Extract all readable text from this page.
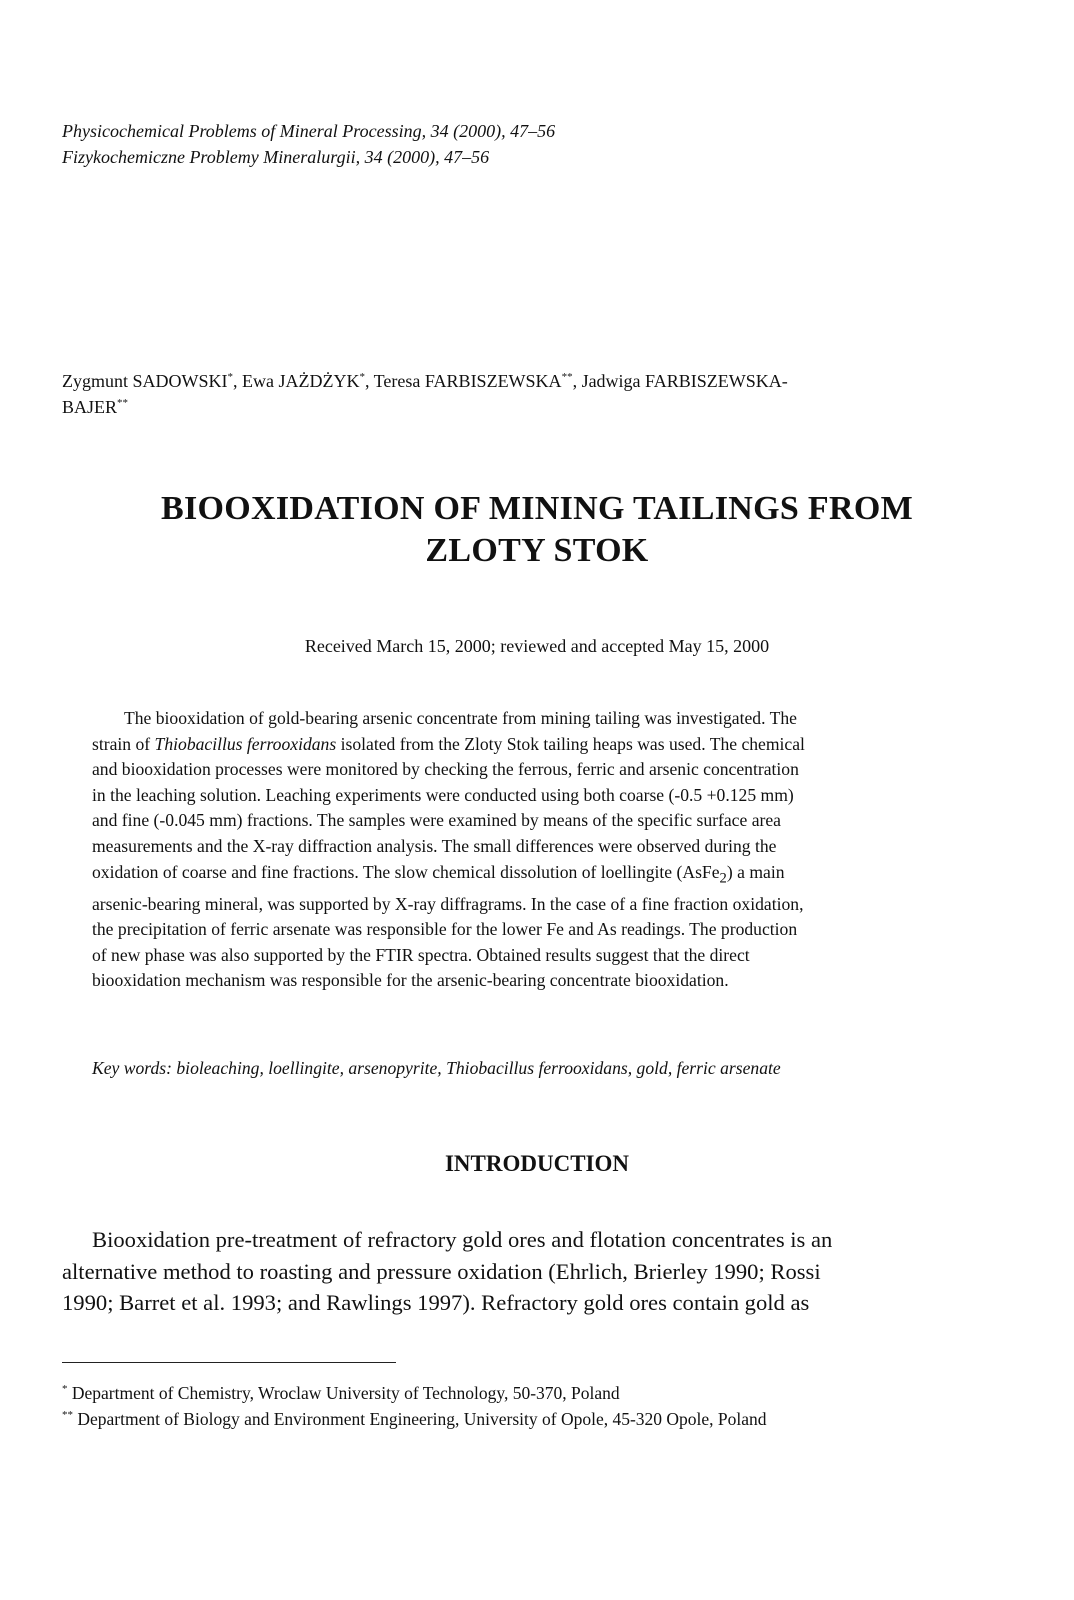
Physicochemical Problems of Mineral Processing, 34 (2000), 47–56
Fizykochemiczne Problemy Mineralurgii, 34 (2000), 47–56
Zygmunt SADOWSKI*, Ewa JAŻDŻYK*, Teresa FARBISZEWSKA**, Jadwiga FARBISZEWSKA-
BAJER**
BIOOXIDATION OF MINING TAILINGS FROM
ZLOTY STOK
Received March 15, 2000; reviewed and accepted May 15, 2000
The biooxidation of gold-bearing arsenic concentrate from mining tailing was investigated. The
strain of Thiobacillus ferrooxidans isolated from the Zloty Stok tailing heaps was used. The chemical
and biooxidation processes were monitored by checking the ferrous, ferric and arsenic concentration
in the leaching solution. Leaching experiments were conducted using both coarse (-0.5 +0.125 mm)
and fine (-0.045 mm) fractions. The samples were examined by means of the specific surface area
measurements and the X-ray diffraction analysis. The small differences were observed during the
oxidation of coarse and fine fractions. The slow chemical dissolution of loellingite (AsFe$_2$) a main
arsenic-bearing mineral, was supported by X-ray diffragrams. In the case of a fine fraction oxidation,
the precipitation of ferric arsenate was responsible for the lower Fe and As readings. The production
of new phase was also supported by the FTIR spectra. Obtained results suggest that the direct
biooxidation mechanism was responsible for the arsenic-bearing concentrate biooxidation.
Key words: bioleaching, loellingite, arsenopyrite, Thiobacillus ferrooxidans, gold, ferric arsenate
INTRODUCTION
Biooxidation pre-treatment of refractory gold ores and flotation concentrates is an
alternative method to roasting and pressure oxidation (Ehrlich, Brierley 1990; Rossi
1990; Barret et al. 1993; and Rawlings 1997). Refractory gold ores contain gold as
* Department of Chemistry, Wroclaw University of Technology, 50-370, Poland
** Department of Biology and Environment Engineering, University of Opole, 45-320 Opole, Poland
